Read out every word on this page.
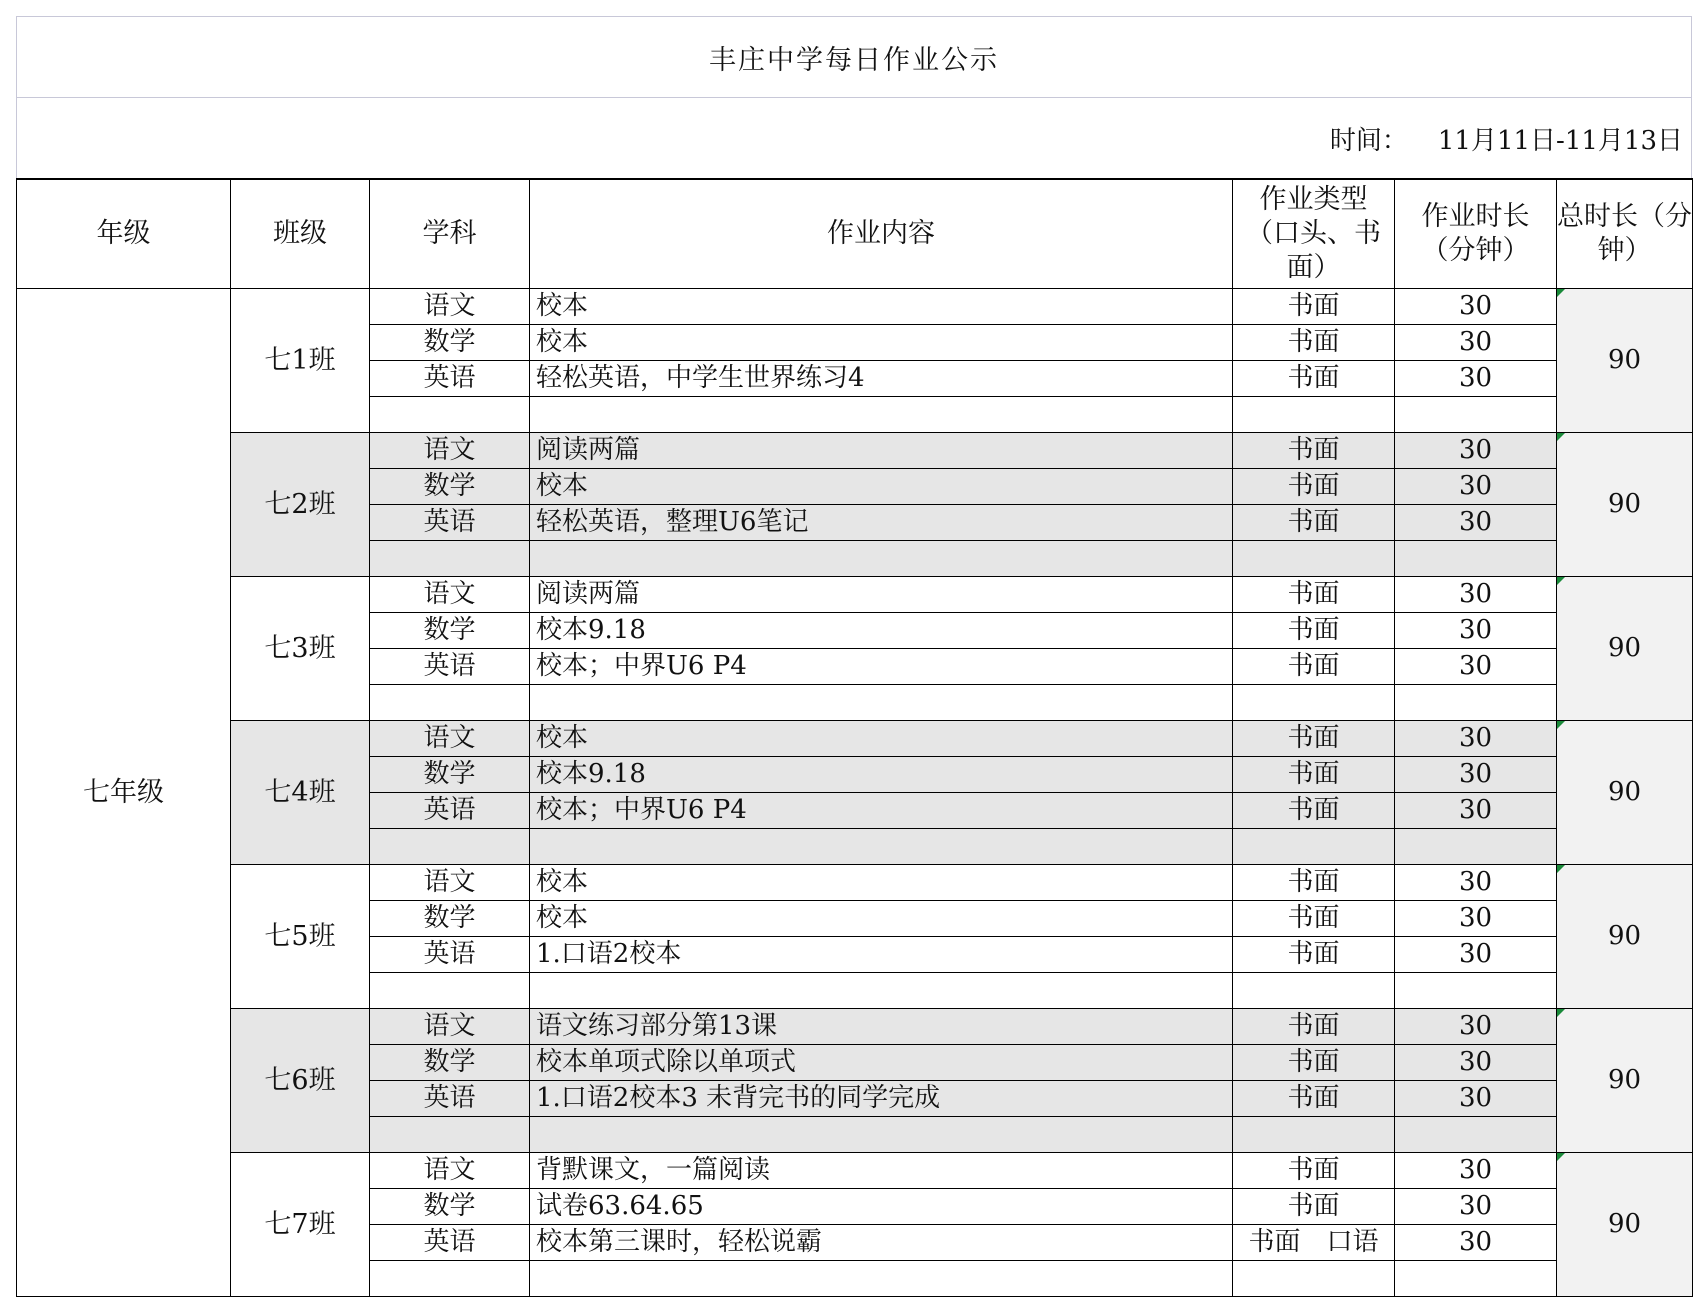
丰庄中学每日作业公示
时间： 11月11日-11月13日
年级	班级	学科	作业内容	作业类型（口头、书面）	作业时长（分钟）	总时长（分钟）
七年级	七1班	语文	校本	书面	30	90
		数学	校本	书面	30	
		英语	轻松英语，中学生世界练习4	书面	30	

	七2班	语文	阅读两篇	书面	30	90
		数学	校本	书面	30	
		英语	轻松英语，整理U6笔记	书面	30	

	七3班	语文	阅读两篇	书面	30	90
		数学	校本9.18	书面	30	
		英语	校本；中界U6 P4	书面	30	

	七4班	语文	校本	书面	30	90
		数学	校本9.18	书面	30	
		英语	校本；中界U6 P4	书面	30	

	七5班	语文	校本	书面	30	90
		数学	校本	书面	30	
		英语	1.口语2校本	书面	30	

	七6班	语文	语文练习部分第13课	书面	30	90
		数学	校本单项式除以单项式	书面	30	
		英语	1.口语2校本3 未背完书的同学完成	书面	30	

	七7班	语文	背默课文，一篇阅读	书面	30	90
		数学	试卷63.64.65	书面	30	
		英语	校本第三课时，轻松说霸	书面　口语	30	
